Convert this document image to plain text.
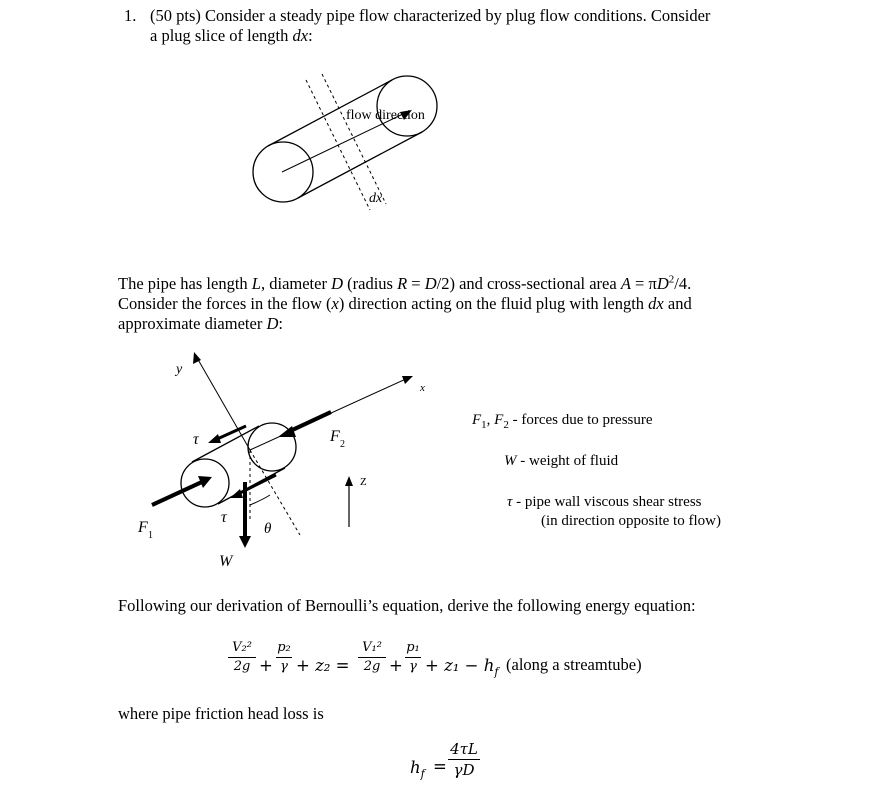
1. (50 pts) Consider a steady pipe flow characterized by plug flow conditions. Consider
a plug slice of length dx:
flow direction
dx
The pipe has length L, diameter D (radius R = D/2) and cross-sectional area $A = \pi D^2/4$.
Consider the forces in the flow (x) direction acting on the fluid plug with length dx and
approximate diameter D:
y
x
Z
τ
τ
θ
F 1
F 2
W
$F_1$, $F_2$ - forces due to pressure
W - weight of fluid
τ - pipe wall viscous shear stress
(in direction opposite to flow)
Following our derivation of Bernoulli’s equation, derive the following energy equation:
V₂²
2g +
p₂
γ + z₂ =
V₁²
2g +
p₁
$\gamma + z_1 - h_f$ (along a streamtube)
where pipe friction head loss is
$h_f$ =
4τL
γD
